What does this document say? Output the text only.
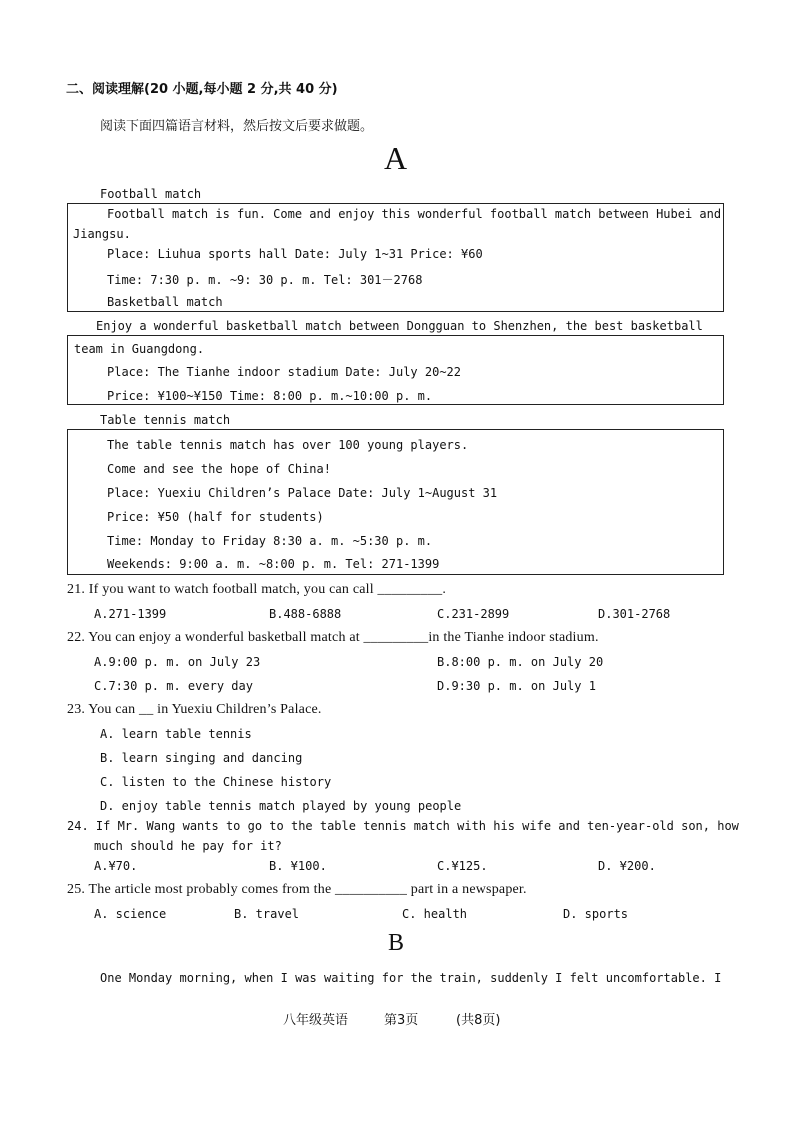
二、阅读理解(20 小题,每小题 2 分,共 40 分)
阅读下面四篇语言材料，然后按文后要求做题。
A
Football match
Football match is fun. Come and enjoy this wonderful football match between Hubei and
Jiangsu.
Place: Liuhua sports hall Date: July 1~31 Price: ¥60
Time: 7:30 p. m. ~9: 30 p. m. Tel: 301－2768
Basketball match
Enjoy a wonderful basketball match between Dongguan to Shenzhen, the best basketball
team in Guangdong.
Place: The Tianhe indoor stadium Date: July 20~22
Price: ¥100~¥150 Time: 8:00 p. m.~10:00 p. m.
Table tennis match
The table tennis match has over 100 young players.
Come and see the hope of China!
Place: Yuexiu Children’s Palace Date: July 1~August 31
Price: ¥50 (half for students)
Time: Monday to Friday 8:30 a. m. ~5:30 p. m.
Weekends: 9:00 a. m. ~8:00 p. m. Tel: 271-1399
21. If you want to watch football match, you can call _________.
A.271-1399	B.488-6888	C.231-2899	D.301-2768
22. You can enjoy a wonderful basketball match at _________in the Tianhe indoor stadium.
A.9:00 p. m. on July 23	B.8:00 p. m. on July 20
C.7:30 p. m. every day	D.9:30 p. m. on July 1
23. You can __ in Yuexiu Children’s Palace.
A. learn table tennis
B. learn singing and dancing
C. listen to the Chinese history
D. enjoy table tennis match played by young people
24. If Mr. Wang wants to go to the table tennis match with his wife and ten-year-old son, how
much should he pay for it?
A.¥70.	B. ¥100.	C.¥125.	D. ¥200.
25. The article most probably comes from the __________ part in a newspaper.
A. science	B. travel	C. health	D. sports
B
One Monday morning, when I was waiting for the train, suddenly I felt uncomfortable. I
八年级英语	第3页	(共8页)
